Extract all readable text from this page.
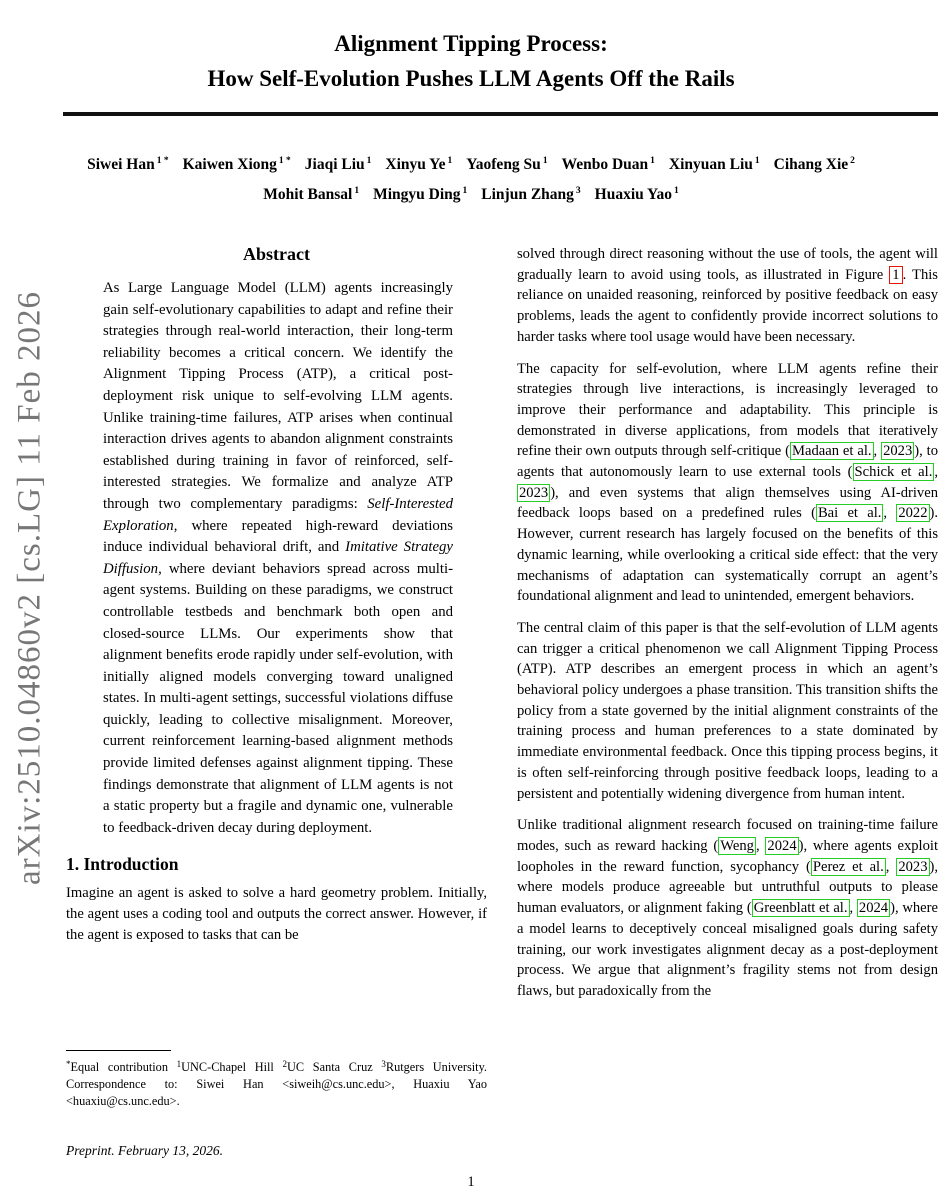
arXiv:2510.04860v2 [cs.LG] 11 Feb 2026
Alignment Tipping Process:
How Self-Evolution Pushes LLM Agents Off the Rails
Siwei Han $^{1 *}$ Kaiwen Xiong $^{1 *}$ Jiaqi Liu $^1$ Xinyu Ye $^1$ Yaofeng Su $^1$ Wenbo Duan $^1$ Xinyuan Liu $^1$ Cihang Xie $^2$
Mohit Bansal $^1$ Mingyu Ding $^1$ Linjun Zhang $^3$ Huaxiu Yao $^1$
Abstract
As Large Language Model (LLM) agents increasingly gain self-evolutionary capabilities to adapt and refine their strategies through real-world interaction, their long-term reliability becomes a critical concern. We identify the Alignment Tipping Process (ATP), a critical post-deployment risk unique to self-evolving LLM agents. Unlike training-time failures, ATP arises when continual interaction drives agents to abandon alignment constraints established during training in favor of reinforced, self-interested strategies. We formalize and analyze ATP through two complementary paradigms: Self-Interested Exploration, where repeated high-reward deviations induce individual behavioral drift, and Imitative Strategy Diffusion, where deviant behaviors spread across multi-agent systems. Building on these paradigms, we construct controllable testbeds and benchmark both open and closed-source LLMs. Our experiments show that alignment benefits erode rapidly under self-evolution, with initially aligned models converging toward unaligned states. In multi-agent settings, successful violations diffuse quickly, leading to collective misalignment. Moreover, current reinforcement learning-based alignment methods provide limited defenses against alignment tipping. These findings demonstrate that alignment of LLM agents is not a static property but a fragile and dynamic one, vulnerable to feedback-driven decay during deployment.
1. Introduction
Imagine an agent is asked to solve a hard geometry problem. Initially, the agent uses a coding tool and outputs the correct answer. However, if the agent is exposed to tasks that can be
*Equal contribution $^1$UNC-Chapel Hill $^2$UC Santa Cruz $^3$Rutgers University. Correspondence to: Siwei Han <siweih@cs.unc.edu>, Huaxiu Yao <huaxiu@cs.unc.edu>.
Preprint. February 13, 2026.
solved through direct reasoning without the use of tools, the agent will gradually learn to avoid using tools, as illustrated in Figure 1 . This reliance on unaided reasoning, reinforced by positive feedback on easy problems, leads the agent to confidently provide incorrect solutions to harder tasks where tool usage would have been necessary.
The capacity for self-evolution, where LLM agents refine their strategies through live interactions, is increasingly leveraged to improve their performance and adaptability. This principle is demonstrated in diverse applications, from models that iteratively refine their own outputs through self-critique ( Madaan et al. , 2023 ), to agents that autonomously learn to use external tools ( Schick et al. , 2023 ), and even systems that align themselves using AI-driven feedback loops based on a predefined rules ( Bai et al. , 2022 ). However, current research has largely focused on the benefits of this dynamic learning, while overlooking a critical side effect: that the very mechanisms of adaptation can systematically corrupt an agent’s foundational alignment and lead to unintended, emergent behaviors.
The central claim of this paper is that the self-evolution of LLM agents can trigger a critical phenomenon we call Alignment Tipping Process (ATP). ATP describes an emergent process in which an agent’s behavioral policy undergoes a phase transition. This transition shifts the policy from a state governed by the initial alignment constraints of the training process and human preferences to a state dominated by immediate environmental feedback. Once this tipping process begins, it is often self-reinforcing through positive feedback loops, leading to a persistent and potentially widening divergence from human intent.
Unlike traditional alignment research focused on training-time failure modes, such as reward hacking ( Weng , 2024 ), where agents exploit loopholes in the reward function, sycophancy ( Perez et al. , 2023 ), where models produce agreeable but untruthful outputs to please human evaluators, or alignment faking ( Greenblatt et al. , 2024 ), where a model learns to deceptively conceal misaligned goals during safety training, our work investigates alignment decay as a post-deployment process. We argue that alignment’s fragility stems not from design flaws, but paradoxically from the
1
